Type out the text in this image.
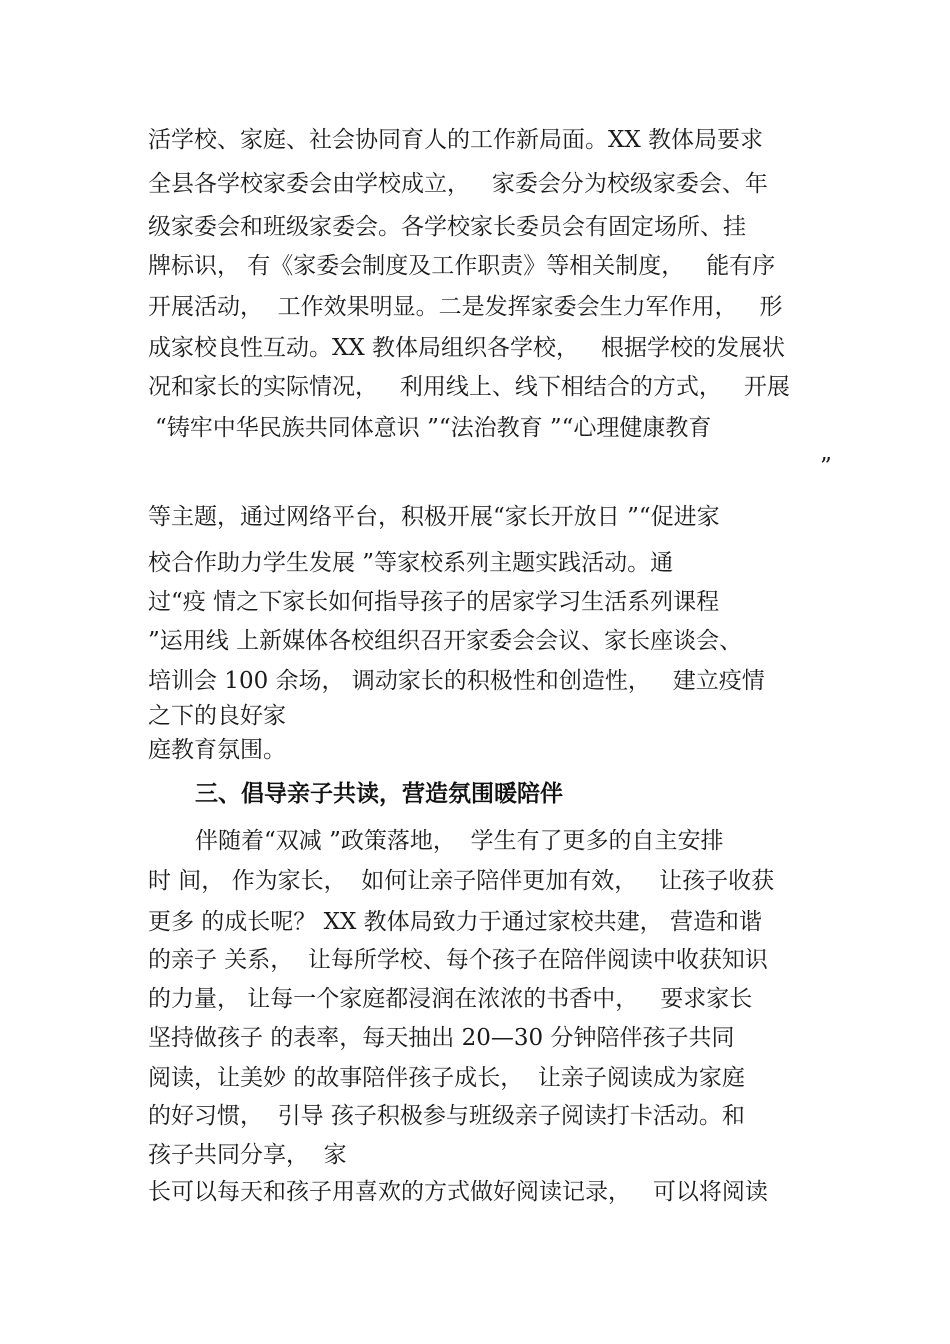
活学校、家庭、社会协同育人的工作新局面。XX 教体局要求
全县各学校家委会由学校成立，   家委会分为校级家委会、年
级家委会和班级家委会。各学校家长委员会有固定场所、挂
牌标识， 有《家委会制度及工作职责》等相关制度，   能有序
开展活动，  工作效果明显。二是发挥家委会生力军作用，   形
成家校良性互动。XX 教体局组织各学校，   根据学校的发展状
况和家长的实际情况，   利用线上、线下相结合的方式，   开展
“铸牢中华民族共同体意识 ”“法治教育 ”“心理健康教育
”
等主题，通过网络平台，积极开展“家长开放日 ”“促进家
校合作助力学生发展 ”等家校系列主题实践活动。通
过“疫 情之下家长如何指导孩子的居家学习生活系列课程
”运用线 上新媒体各校组织召开家委会会议、家长座谈会、
培训会 100 余场， 调动家长的积极性和创造性，   建立疫情
之下的良好家
庭教育氛围。
三、倡导亲子共读，营造氛围暖陪伴
伴随着“双减 ”政策落地，  学生有了更多的自主安排
时 间， 作为家长，  如何让亲子陪伴更加有效，   让孩子收获
更多 的成长呢？ XX 教体局致力于通过家校共建， 营造和谐
的亲子 关系，  让每所学校、每个孩子在陪伴阅读中收获知识
的力量， 让每一个家庭都浸润在浓浓的书香中，   要求家长
坚持做孩子 的表率，每天抽出 20—30 分钟陪伴孩子共同
阅读，让美妙 的故事陪伴孩子成长，  让亲子阅读成为家庭
的好习惯，  引导 孩子积极参与班级亲子阅读打卡活动。和
孩子共同分享，  家
长可以每天和孩子用喜欢的方式做好阅读记录，   可以将阅读
